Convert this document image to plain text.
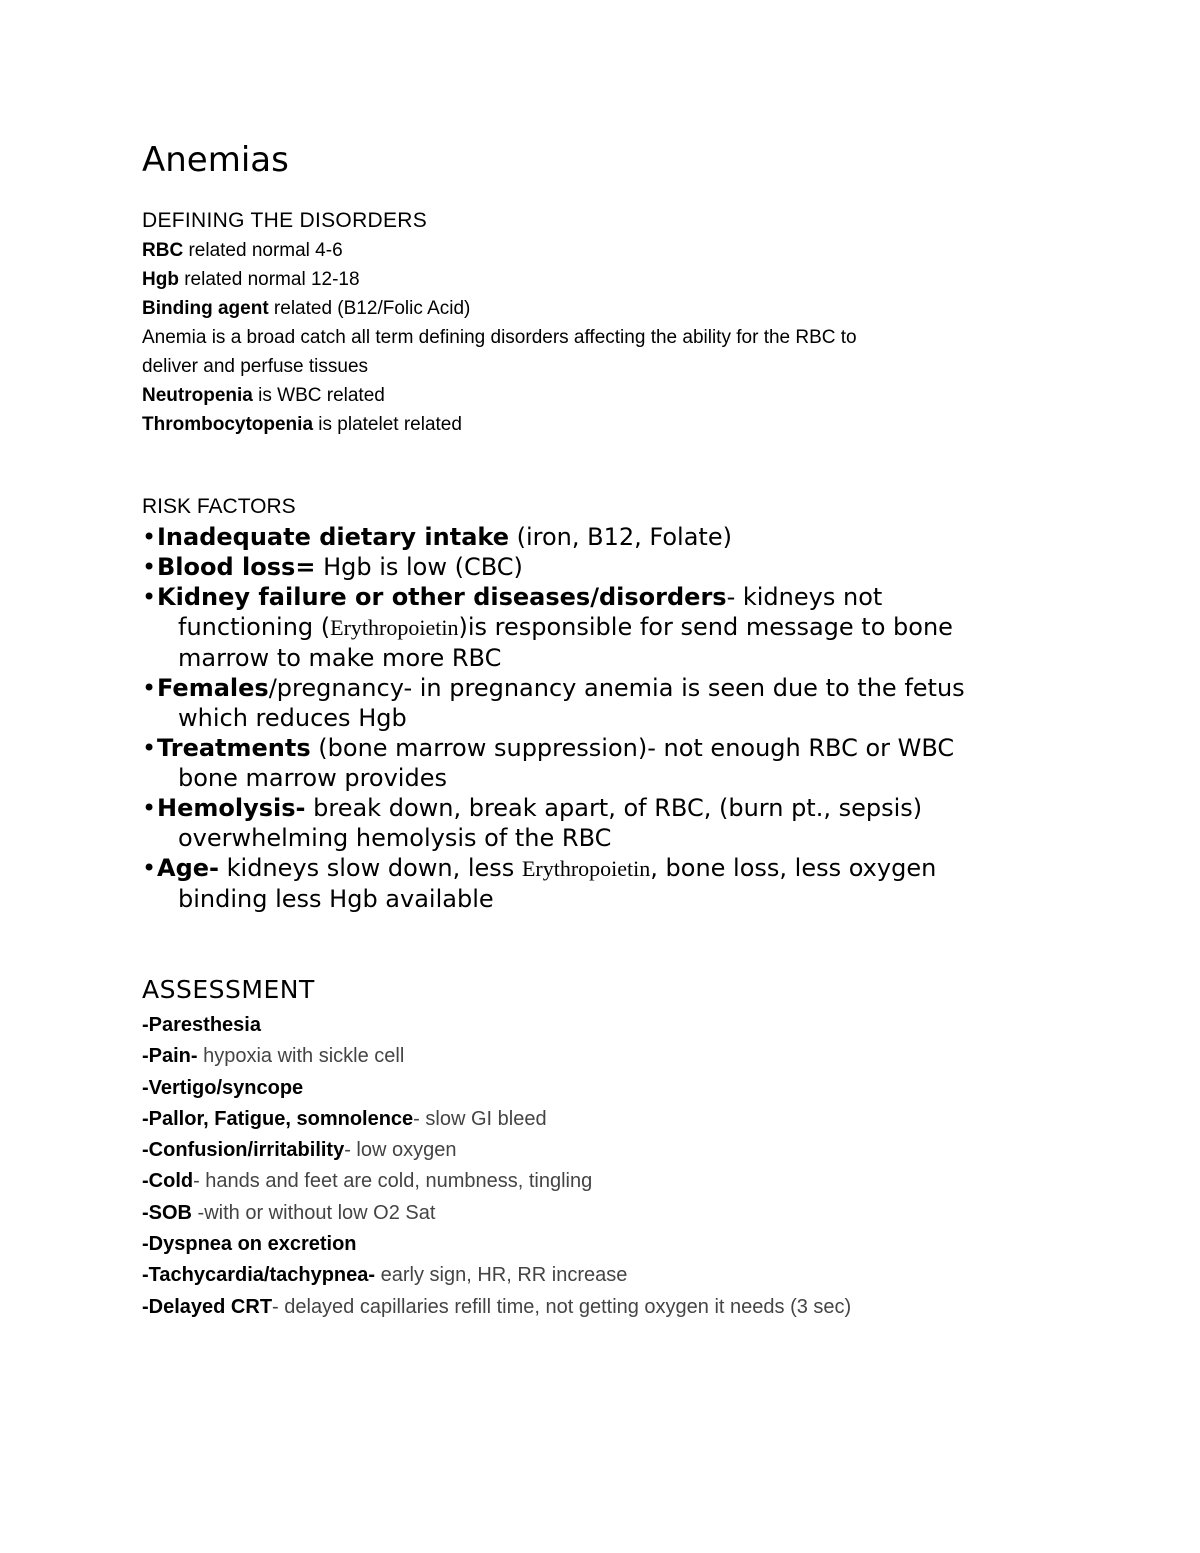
Anemias
DEFINING THE DISORDERS
RBC related normal 4-6
Hgb related normal 12-18
Binding agent related (B12/Folic Acid)
Anemia is a broad catch all term defining disorders affecting the ability for the RBC to
deliver and perfuse tissues
Neutropenia is WBC related
Thrombocytopenia is platelet related
RISK FACTORS
•Inadequate dietary intake (iron, B12, Folate)
•Blood loss= Hgb is low (CBC)
•Kidney failure or other diseases/disorders- kidneys not
functioning (Erythropoietin)is responsible for send message to bone
marrow to make more RBC
•Females/pregnancy- in pregnancy anemia is seen due to the fetus
which reduces Hgb
•Treatments (bone marrow suppression)- not enough RBC or WBC
bone marrow provides
•Hemolysis- break down, break apart, of RBC, (burn pt., sepsis)
overwhelming hemolysis of the RBC
•Age- kidneys slow down, less Erythropoietin, bone loss, less oxygen
binding less Hgb available
ASSESSMENT
-Paresthesia
-Pain- hypoxia with sickle cell
-Vertigo/syncope
-Pallor, Fatigue, somnolence- slow GI bleed
-Confusion/irritability- low oxygen
-Cold- hands and feet are cold, numbness, tingling
-SOB -with or without low O2 Sat
-Dyspnea on excretion
-Tachycardia/tachypnea- early sign, HR, RR increase
-Delayed CRT- delayed capillaries refill time, not getting oxygen it needs (3 sec)
